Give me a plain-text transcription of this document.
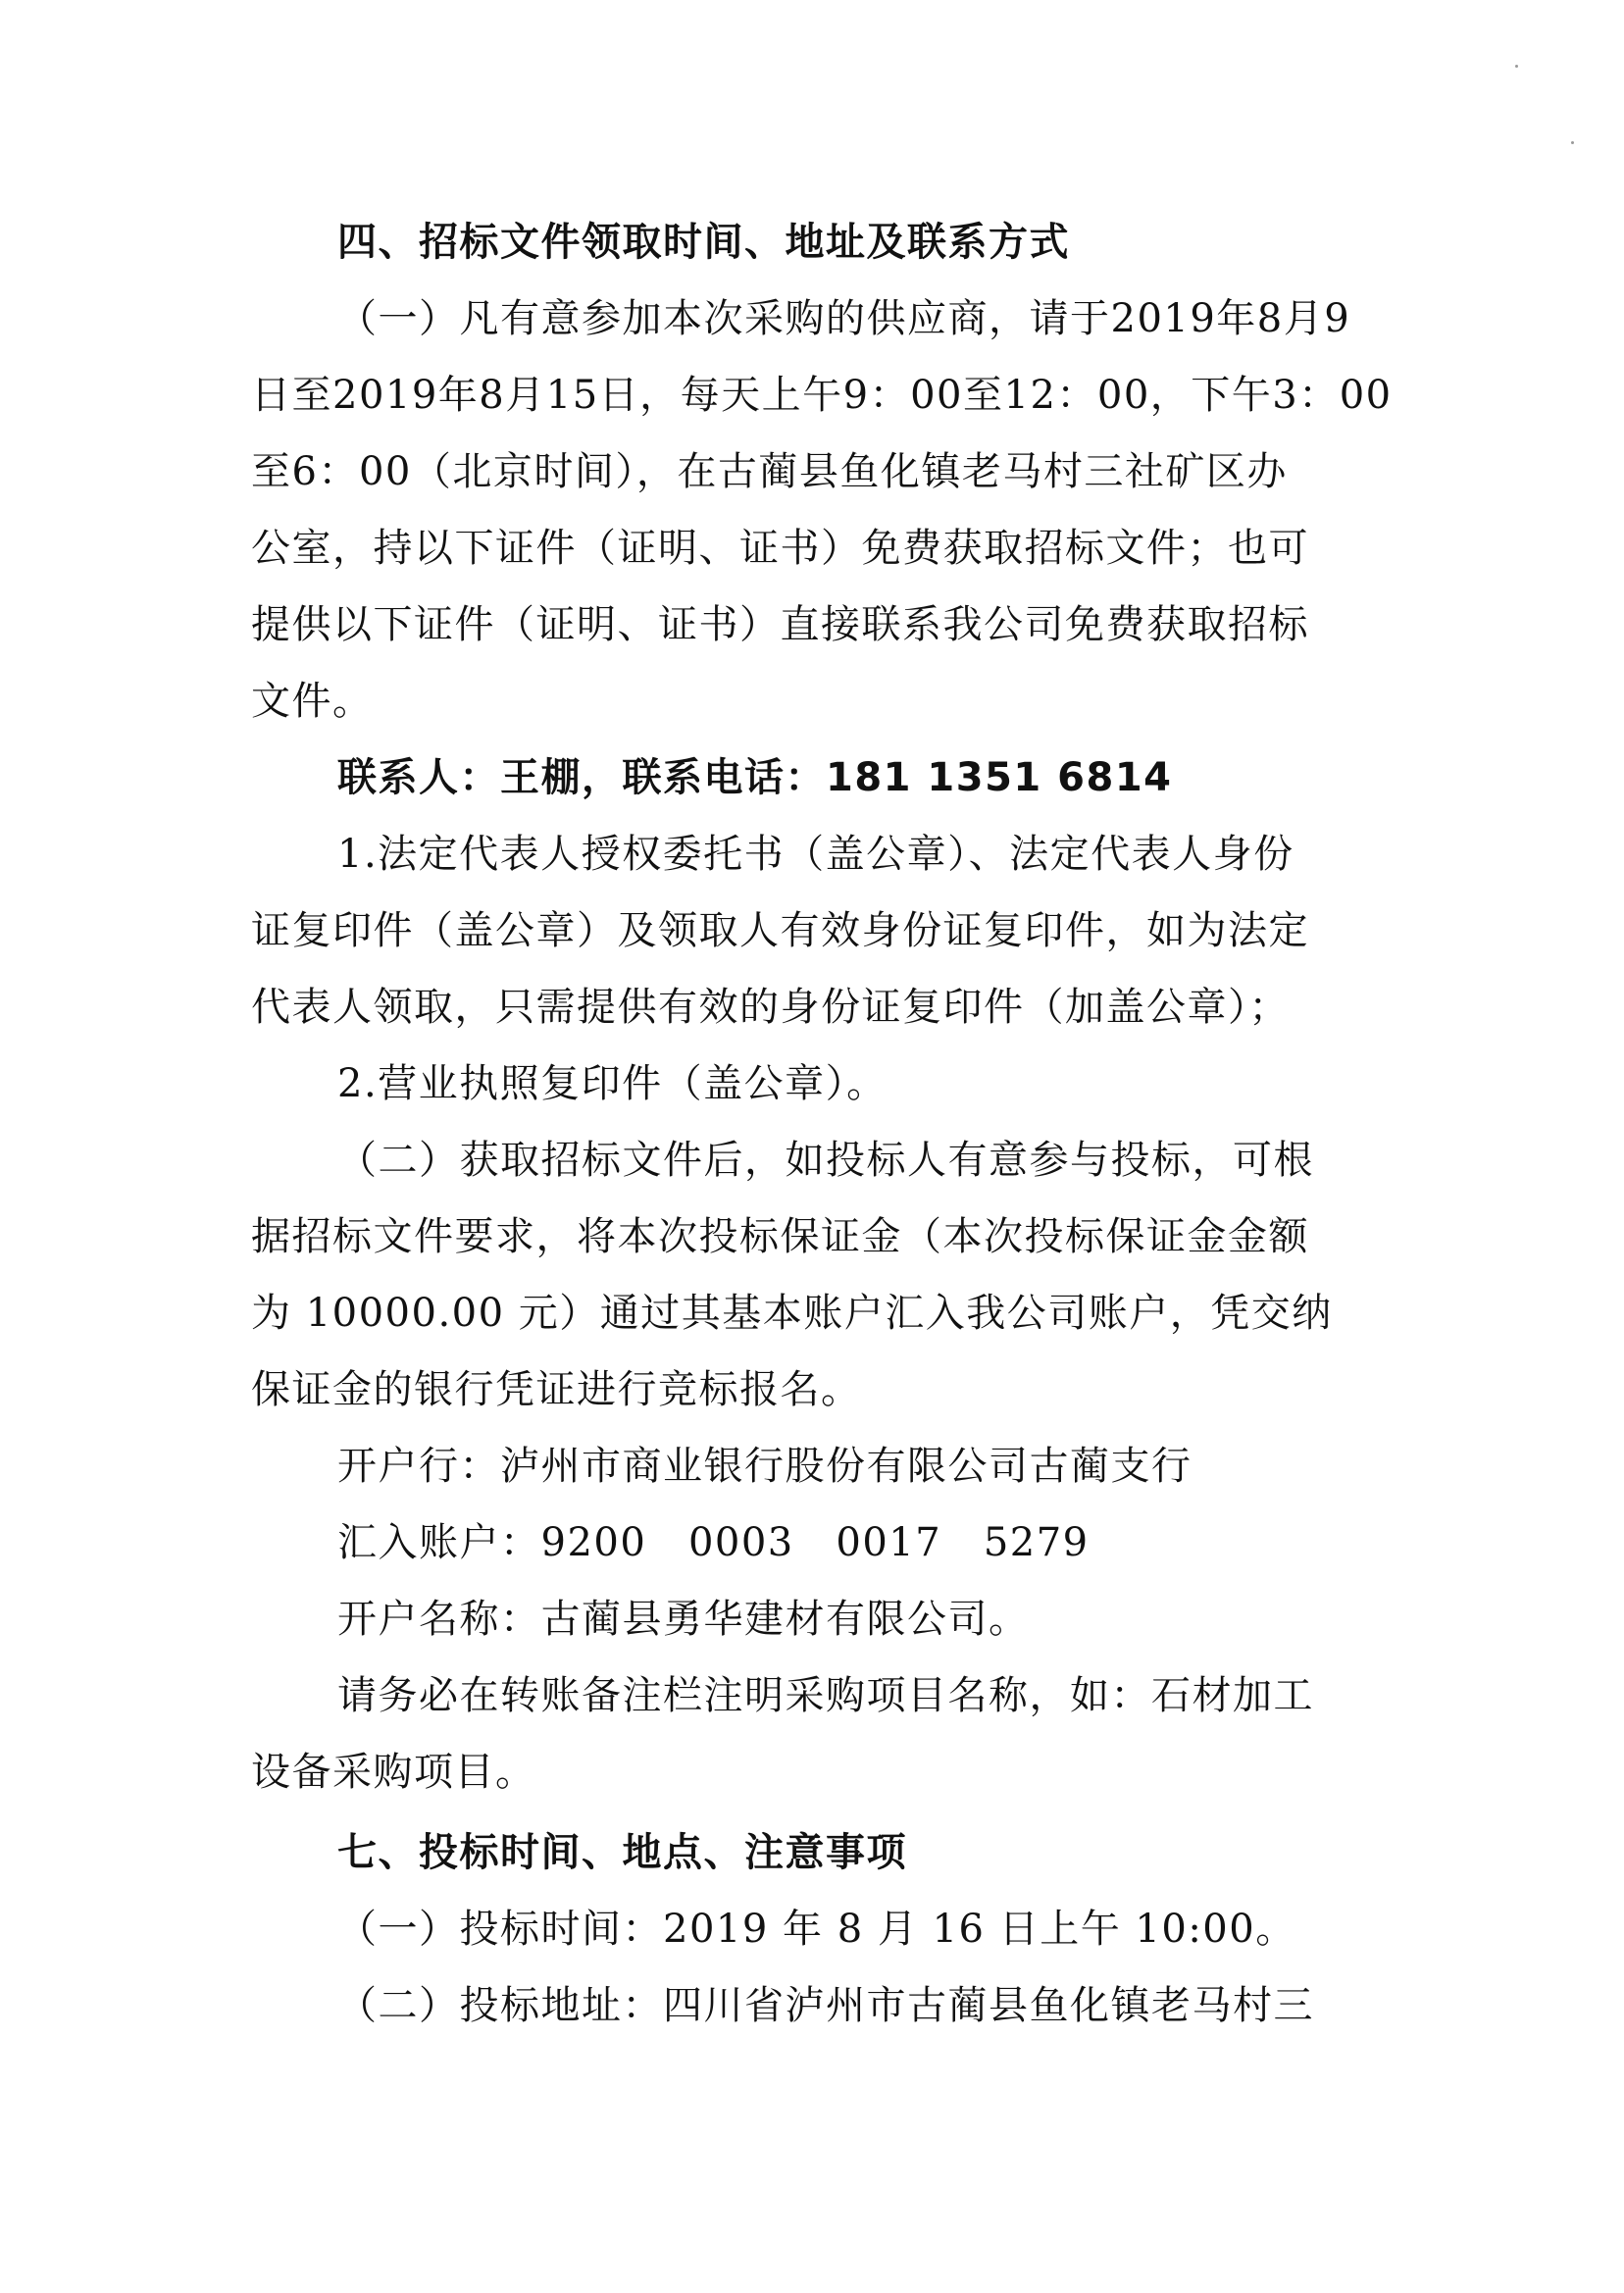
四、招标文件领取时间、地址及联系方式
（一）凡有意参加本次采购的供应商，请于2019年8月9
日至2019年8月15日，每天上午9：00至12：00，下午3：00
至6：00（北京时间），在古蔺县鱼化镇老马村三社矿区办
公室，持以下证件（证明、证书）免费获取招标文件；也可
提供以下证件（证明、证书）直接联系我公司免费获取招标
文件。
联系人：王棚，联系电话：181 1351 6814
1.法定代表人授权委托书（盖公章）、法定代表人身份
证复印件（盖公章）及领取人有效身份证复印件，如为法定
代表人领取，只需提供有效的身份证复印件（加盖公章）；
2.营业执照复印件（盖公章）。
（二）获取招标文件后，如投标人有意参与投标，可根
据招标文件要求，将本次投标保证金（本次投标保证金金额
为 10000.00 元）通过其基本账户汇入我公司账户，凭交纳
保证金的银行凭证进行竞标报名。
开户行：泸州市商业银行股份有限公司古蔺支行
汇入账户：9200   0003   0017   5279
开户名称：古蔺县勇华建材有限公司。
请务必在转账备注栏注明采购项目名称，如：石材加工
设备采购项目。
七、投标时间、地点、注意事项
（一）投标时间：2019 年 8 月 16 日上午 10:00。
（二）投标地址：四川省泸州市古蔺县鱼化镇老马村三
